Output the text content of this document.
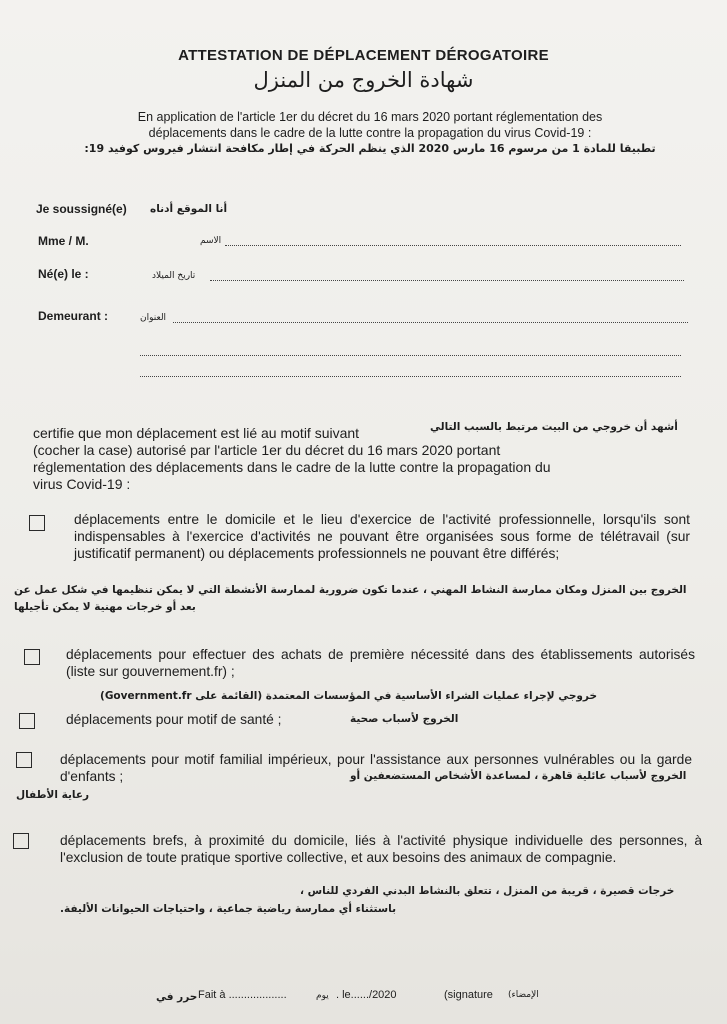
ATTESTATION DE DÉPLACEMENT DÉROGATOIRE
شهادة الخروج من المنزل
En application de l'article 1er du décret du 16 mars 2020 portant réglementation des
déplacements dans le cadre de la lutte contre la propagation du virus Covid-19 :
تطبيقا للمادة 1 من مرسوم 16 مارس 2020 الذي ينظم الحركة في إطار مكافحة انتشار فيروس كوفيد 19:
Je soussigné(e) أنا الموقع أدناه
Mme / M.	الاسم
Né(e) le :	تاريخ الميلاد
Demeurant :	العنوان
certifie que mon déplacement est lié au motif suivant	أشهد أن خروجي من البيت مرتبط بالسبب التالي
(cocher la case) autorisé par l'article 1er du décret du 16 mars 2020 portant
réglementation des déplacements dans le cadre de la lutte contre la propagation du
virus Covid-19 :
déplacements entre le domicile et le lieu d'exercice de l'activité professionnelle, lorsqu'ils sont indispensables à l'exercice d'activités ne pouvant être organisées sous forme de télétravail (sur justificatif permanent) ou déplacements professionnels ne pouvant être différés;
الخروج بين المنزل ومكان ممارسة النشاط المهني ، عندما تكون ضرورية لممارسة الأنشطة التي لا يمكن تنظيمها في شكل عمل عن
بعد أو خرجات مهنية لا يمكن تأجيلها
déplacements pour effectuer des achats de première nécessité dans des établissements autorisés (liste sur gouvernement.fr) ;
خروجي لإجراء عمليات الشراء الأساسية في المؤسسات المعتمدة (القائمة على Government.fr)
déplacements pour motif de santé ;	الخروج لأسباب صحية
déplacements pour motif familial impérieux, pour l'assistance aux personnes vulnérables ou la garde d'enfants ;	الخروج لأسباب عائلية قاهرة ، لمساعدة الأشخاص المستضعفين أو
رعاية الأطفال
déplacements brefs, à proximité du domicile, liés à l'activité physique individuelle des personnes, à l'exclusion de toute pratique sportive collective, et aux besoins des animaux de compagnie.
خرجات قصيرة ، قريبة من المنزل ، تتعلق بالنشاط البدني الفردي للناس ،
باستثناء أي ممارسة رياضية جماعية ، واحتياجات الحيوانات الأليفة.
حرر في Fait à ...................	يوم . le....../2020	(signature الإمضاء)
